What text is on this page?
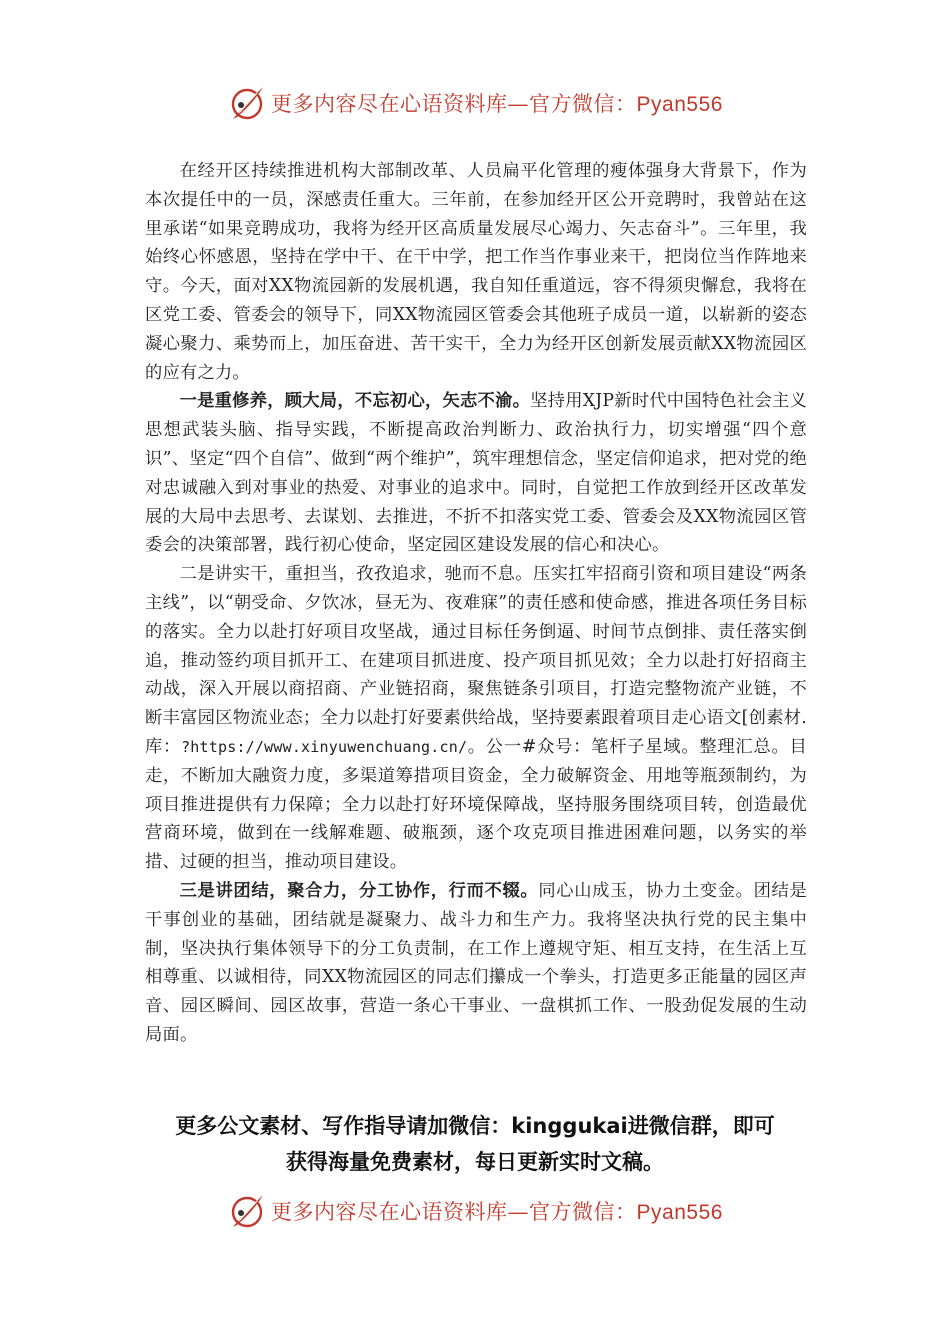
更多内容尽在心语资料库—官方微信：Pyan556

在经开区持续推进机构大部制改革、人员扁平化管理的瘦体强身大背景下，作为本次提任中的一员，深感责任重大。三年前，在参加经开区公开竞聘时，我曾站在这里承诺“如果竞聘成功，我将为经开区高质量发展尽心竭力、矢志奋斗”。三年里，我始终心怀感恩，坚持在学中干、在干中学，把工作当作事业来干，把岗位当作阵地来守。今天，面对XX物流园新的发展机遇，我自知任重道远，容不得须臾懈怠，我将在区党工委、管委会的领导下，同XX物流园区管委会其他班子成员一道，以崭新的姿态凝心聚力、乘势而上，加压奋进、苦干实干，全力为经开区创新发展贡献XX物流园区的应有之力。

一是重修养，顾大局，不忘初心，矢志不渝。坚持用XJP新时代中国特色社会主义思想武装头脑、指导实践，不断提高政治判断力、政治执行力，切实增强“四个意识”、坚定“四个自信”、做到“两个维护”，筑牢理想信念，坚定信仰追求，把对党的绝对忠诚融入到对事业的热爱、对事业的追求中。同时，自觉把工作放到经开区改革发展的大局中去思考、去谋划、去推进，不折不扣落实党工委、管委会及XX物流园区管委会的决策部署，践行初心使命，坚定园区建设发展的信心和决心。

二是讲实干，重担当，孜孜追求，驰而不息。压实扛牢招商引资和项目建设“两条主线”，以“朝受命、夕饮冰，昼无为、夜难寐”的责任感和使命感，推进各项任务目标的落实。全力以赴打好项目攻坚战，通过目标任务倒逼、时间节点倒排、责任落实倒追，推动签约项目抓开工、在建项目抓进度、投产项目抓见效；全力以赴打好招商主动战，深入开展以商招商、产业链招商，聚焦链条引项目，打造完整物流产业链，不断丰富园区物流业态；全力以赴打好要素供给战，坚持要素跟着项目走心语文[创素材.库：?https://www.xinyuwenchuang.cn/。公一#众号：笔杆子星域。整理汇总。目走，不断加大融资力度，多渠道筹措项目资金，全力破解资金、用地等瓶颈制约，为项目推进提供有力保障；全力以赴打好环境保障战，坚持服务围绕项目转，创造最优营商环境，做到在一线解难题、破瓶颈，逐个攻克项目推进困难问题，以务实的举措、过硬的担当，推动项目建设。

三是讲团结，聚合力，分工协作，行而不辍。同心山成玉，协力土变金。团结是干事创业的基础，团结就是凝聚力、战斗力和生产力。我将坚决执行党的民主集中制，坚决执行集体领导下的分工负责制，在工作上遵规守矩、相互支持，在生活上互相尊重、以诚相待，同XX物流园区的同志们攥成一个拳头，打造更多正能量的园区声音、园区瞬间、园区故事，营造一条心干事业、一盘棋抓工作、一股劲促发展的生动局面。

更多公文素材、写作指导请加微信：kinggukai进微信群，即可
获得海量免费素材，每日更新实时文稿。
更多内容尽在心语资料库—官方微信：Pyan556
